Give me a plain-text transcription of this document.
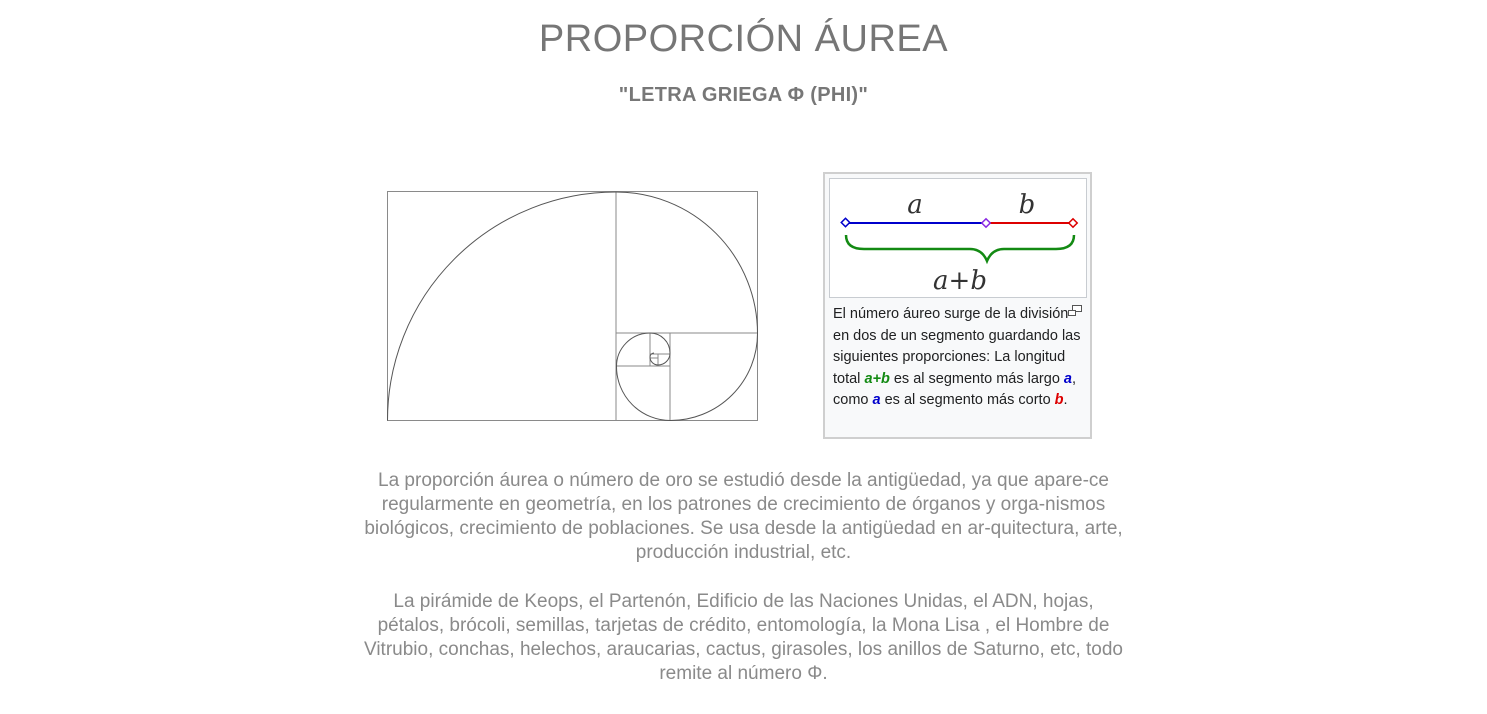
PROPORCIÓN ÁUREA
"LETRA GRIEGA Φ (PHI)"
a	b
a+b
El número áureo surge de la división en dos de un segmento guardando las siguientes proporciones: La longitud total a+b es al segmento más largo a, como a es al segmento más corto b.

La proporción áurea o número de oro se estudió desde la antigüedad, ya que apare-ce regularmente en geometría, en los patrones de crecimiento de órganos y orga-nismos biológicos, crecimiento de poblaciones. Se usa desde la antigüedad en ar-quitectura, arte, producción industrial, etc.

La pirámide de Keops, el Partenón, Edificio de las Naciones Unidas, el ADN, hojas, pétalos, brócoli, semillas, tarjetas de crédito, entomología, la Mona Lisa , el Hombre de Vitrubio, conchas, helechos, araucarias, cactus, girasoles, los anillos de Saturno, etc, todo remite al número Φ.
